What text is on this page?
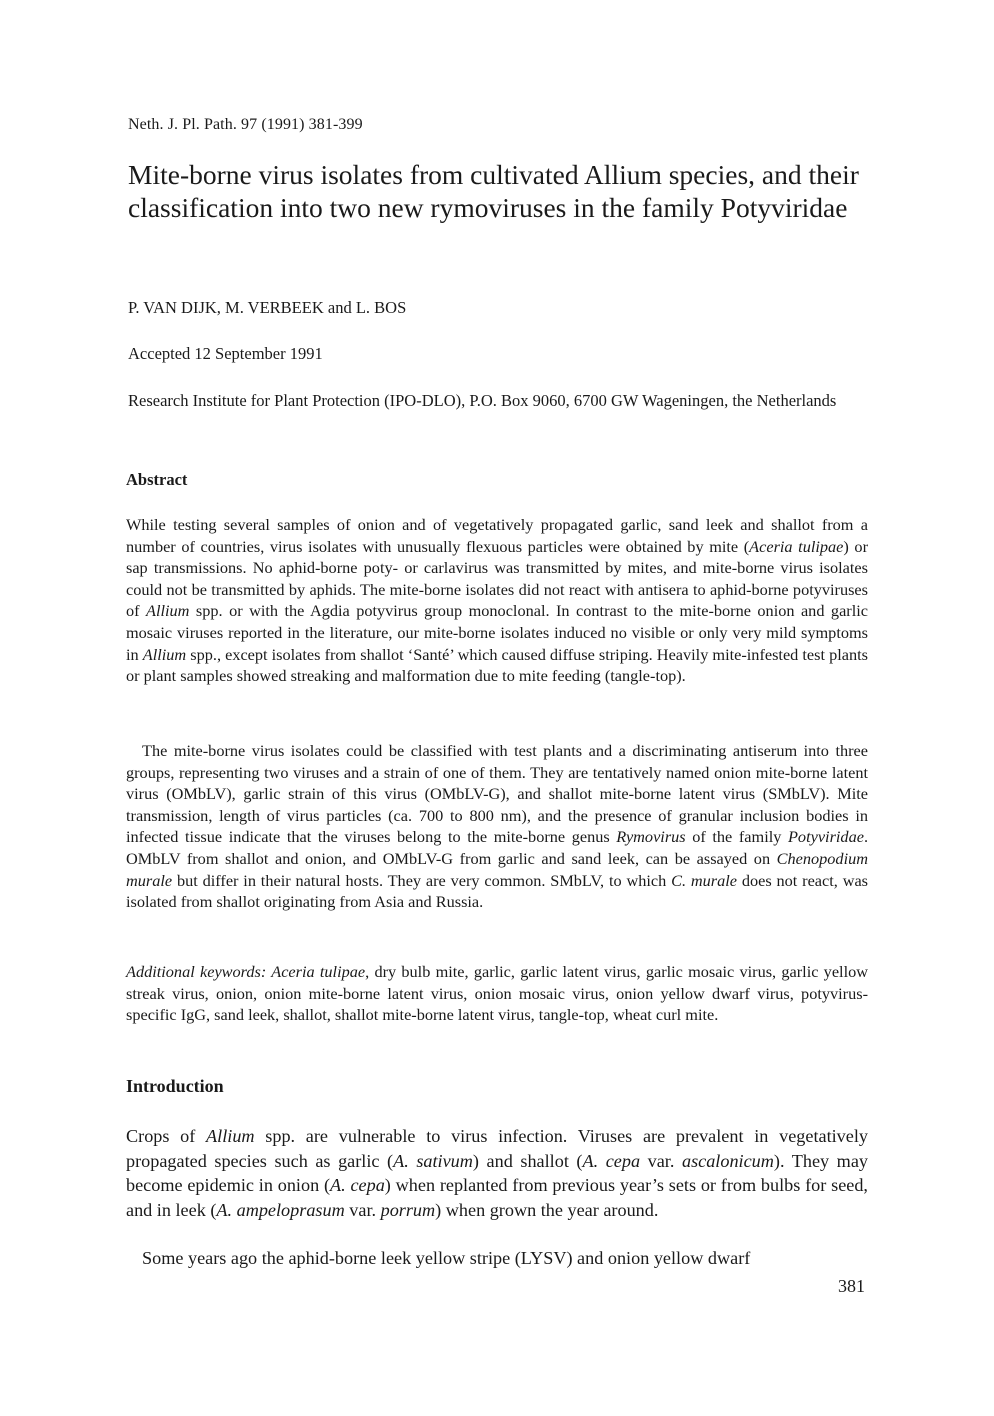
Neth. J. Pl. Path. 97 (1991) 381-399
Mite-borne virus isolates from cultivated Allium species, and their classification into two new rymoviruses in the family Potyviridae
P. VAN DIJK, M. VERBEEK and L. BOS
Accepted 12 September 1991
Research Institute for Plant Protection (IPO-DLO), P.O. Box 9060, 6700 GW Wageningen, the Netherlands
Abstract
While testing several samples of onion and of vegetatively propagated garlic, sand leek and shallot from a number of countries, virus isolates with unusually flexuous particles were obtained by mite (Aceria tulipae) or sap transmissions. No aphid-borne poty- or carlavirus was transmitted by mites, and mite-borne virus isolates could not be transmitted by aphids. The mite-borne isolates did not react with antisera to aphid-borne potyviruses of Allium spp. or with the Agdia potyvirus group monoclonal. In contrast to the mite-borne onion and garlic mosaic viruses reported in the literature, our mite-borne isolates induced no visible or only very mild symptoms in Allium spp., except isolates from shallot ‘Santé’ which caused diffuse striping. Heavily mite-infested test plants or plant samples showed streaking and malformation due to mite feeding (tangle-top).
The mite-borne virus isolates could be classified with test plants and a discriminating antiserum into three groups, representing two viruses and a strain of one of them. They are tentatively named onion mite-borne latent virus (OMbLV), garlic strain of this virus (OMbLV-G), and shallot mite-borne latent virus (SMbLV). Mite transmission, length of virus particles (ca. 700 to 800 nm), and the presence of granular inclusion bodies in infected tissue indicate that the viruses belong to the mite-borne genus Rymovirus of the family Potyviridae. OMbLV from shallot and onion, and OMbLV-G from garlic and sand leek, can be assayed on Chenopodium murale but differ in their natural hosts. They are very common. SMbLV, to which C. murale does not react, was isolated from shallot originating from Asia and Russia.
Additional keywords: Aceria tulipae, dry bulb mite, garlic, garlic latent virus, garlic mosaic virus, garlic yellow streak virus, onion, onion mite-borne latent virus, onion mosaic virus, onion yellow dwarf virus, potyvirus-specific IgG, sand leek, shallot, shallot mite-borne latent virus, tangle-top, wheat curl mite.
Introduction
Crops of Allium spp. are vulnerable to virus infection. Viruses are prevalent in vegetatively propagated species such as garlic (A. sativum) and shallot (A. cepa var. ascalonicum). They may become epidemic in onion (A. cepa) when replanted from previous year’s sets or from bulbs for seed, and in leek (A. ampeloprasum var. porrum) when grown the year around.
Some years ago the aphid-borne leek yellow stripe (LYSV) and onion yellow dwarf
381
